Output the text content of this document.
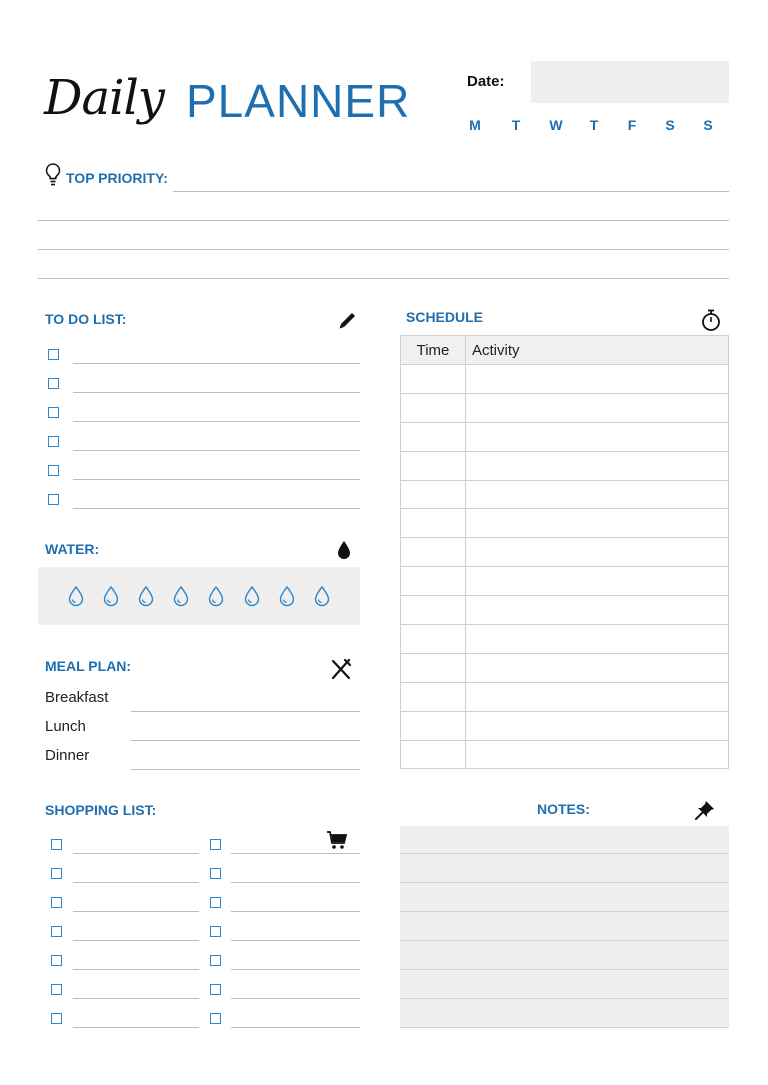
Daily PLANNER	Date:
M	T	W	T	F	S	S
TOP PRIORITY:
TO DO LIST:
WATER:
MEAL PLAN:
Breakfast
Lunch
Dinner
SHOPPING LIST:
SCHEDULE
Time	Activity

NOTES:
